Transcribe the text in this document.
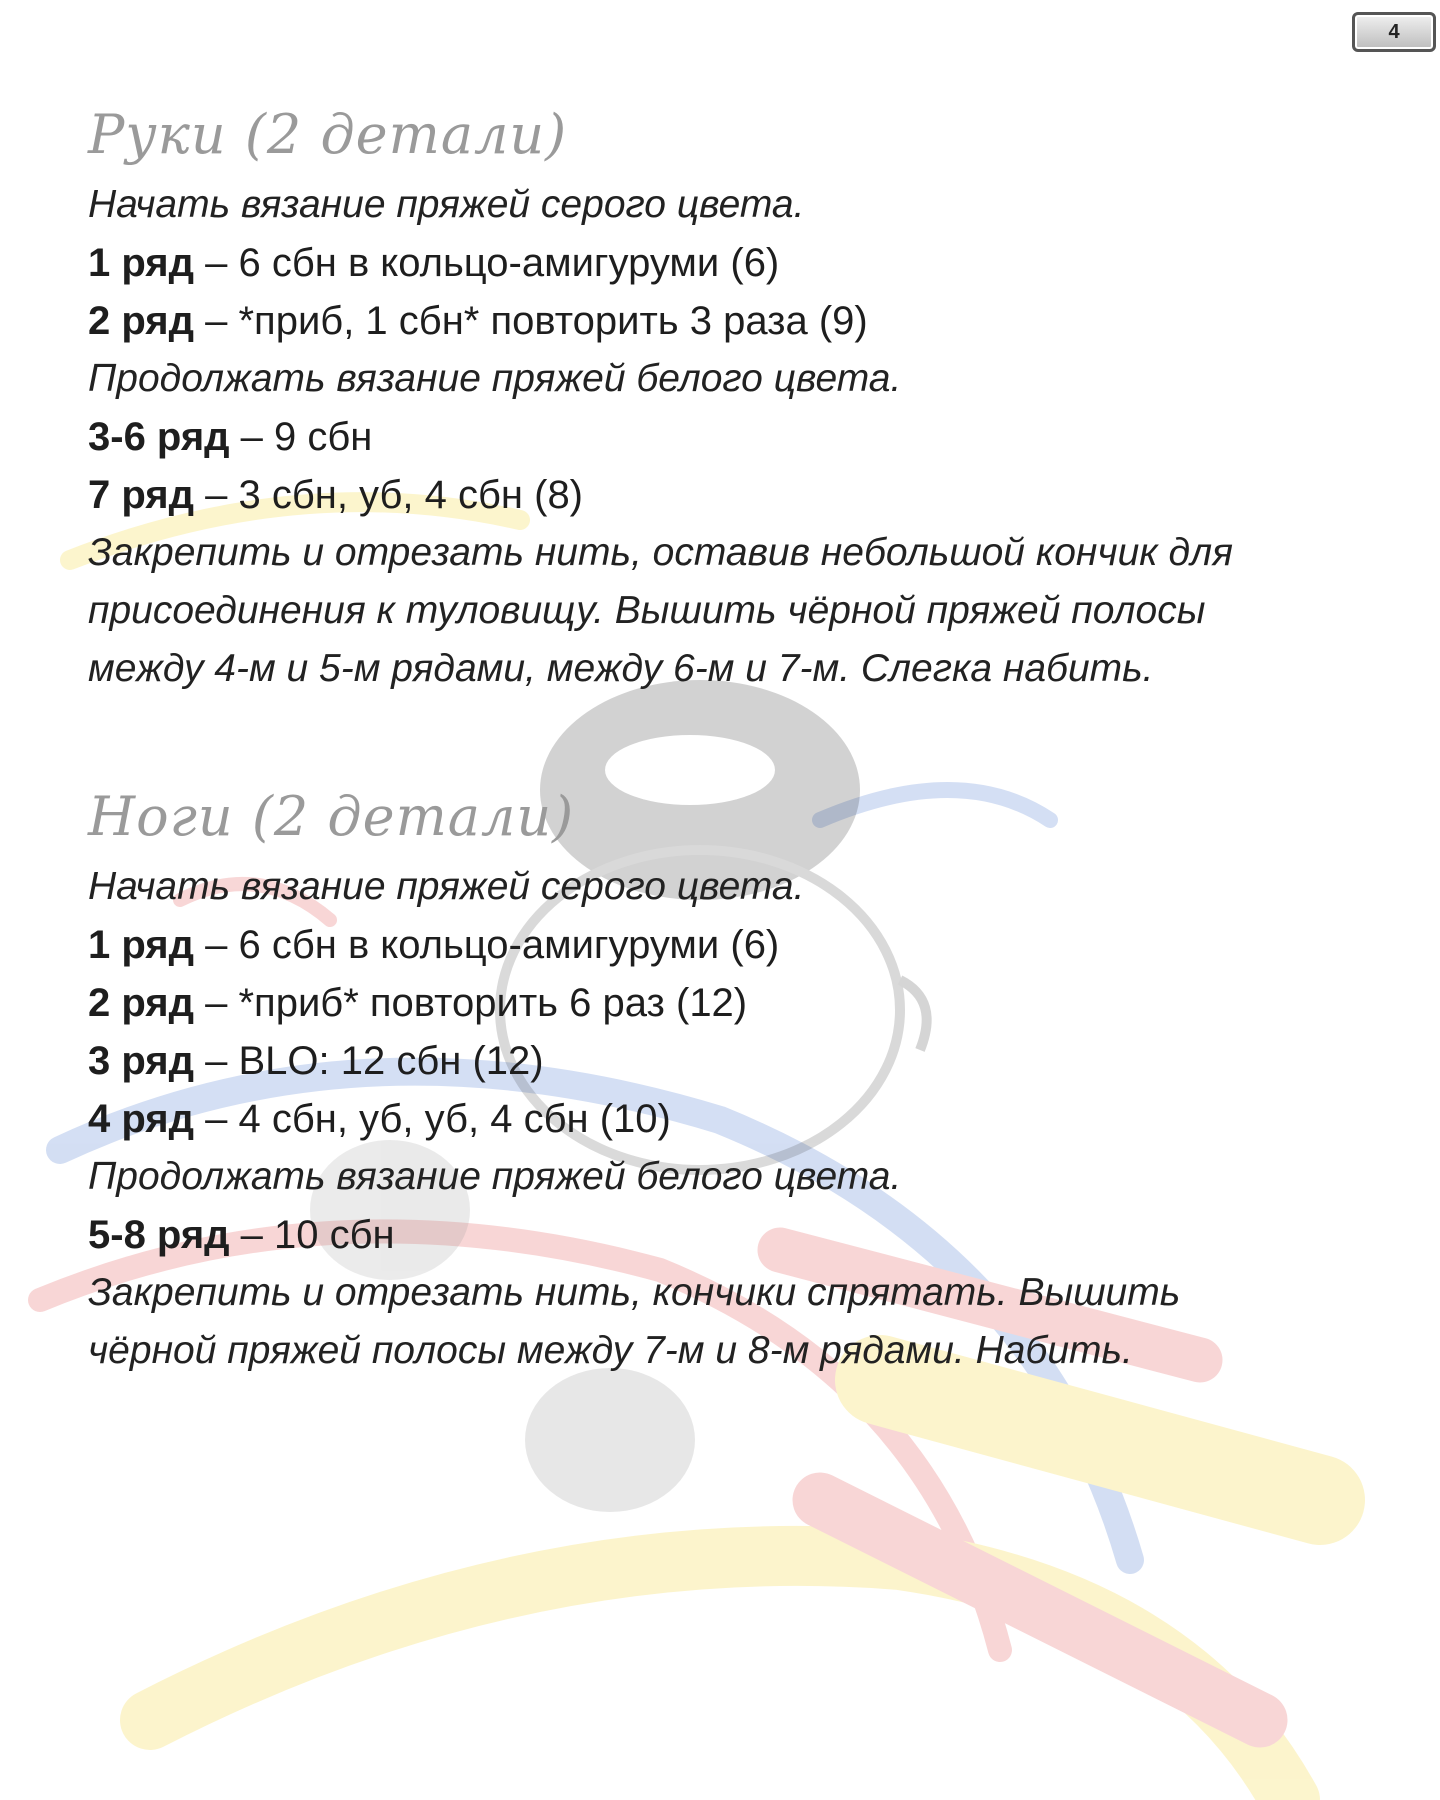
4
Руки (2 детали)
Начать вязание пряжей серого цвета.
1 ряд – 6 сбн в кольцо-амигуруми (6)
2 ряд – *приб, 1 сбн* повторить 3 раза (9)
Продолжать вязание пряжей белого цвета.
3-6 ряд – 9 сбн
7 ряд – 3 сбн, уб, 4 сбн (8)
Закрепить и отрезать нить, оставив небольшой кончик для
присоединения к туловищу. Вышить чёрной пряжей полосы
между 4-м и 5-м рядами, между 6-м и 7-м. Слегка набить.
Ноги (2 детали)
Начать вязание пряжей серого цвета.
1 ряд – 6 сбн в кольцо-амигуруми (6)
2 ряд – *приб* повторить 6 раз (12)
3 ряд – BLO: 12 сбн (12)
4 ряд – 4 сбн, уб, уб, 4 сбн (10)
Продолжать вязание пряжей белого цвета.
5-8 ряд – 10 сбн
Закрепить и отрезать нить, кончики спрятать. Вышить
чёрной пряжей полосы между 7-м и 8-м рядами. Набить.
